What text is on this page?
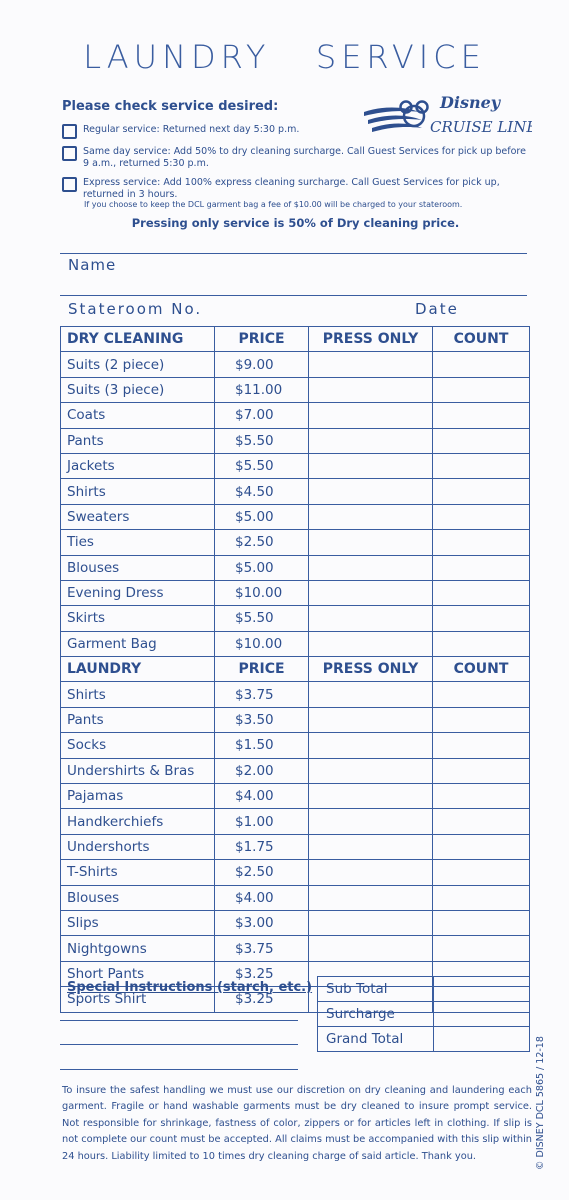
LAUNDRY   SERVICE
Please check service desired:	Disney
CRUISE LINE.
Regular service: Returned next day 5:30 p.m.
Same day service: Add 50% to dry cleaning surcharge. Call Guest Services for pick up before 9 a.m., returned 5:30 p.m.
Express service: Add 100% express cleaning surcharge. Call Guest Services for pick up, returned in 3 hours.
If you choose to keep the DCL garment bag a fee of $10.00 will be charged to your stateroom.
Pressing only service is 50% of Dry cleaning price.
Name
Stateroom No.	Date
DRY CLEANING	PRICE	PRESS ONLY	COUNT
Suits (2 piece)	$9.00		
Suits (3 piece)	$11.00		
Coats	$7.00		
Pants	$5.50		
Jackets	$5.50		
Shirts	$4.50		
Sweaters	$5.00		
Ties	$2.50		
Blouses	$5.00		
Evening Dress	$10.00		
Skirts	$5.50		
Garment Bag	$10.00		
LAUNDRY	PRICE	PRESS ONLY	COUNT
Shirts	$3.75		
Pants	$3.50		
Socks	$1.50		
Undershirts & Bras	$2.00		
Pajamas	$4.00		
Handkerchiefs	$1.00		
Undershorts	$1.75		
T-Shirts	$2.50		
Blouses	$4.00		
Slips	$3.00		
Nightgowns	$3.75		
Short Pants	$3.25		
Sports Shirt	$3.25		
Special Instructions (starch, etc.) Sub Total	
Surcharge	
Grand Total	
To insure the safest handling we must use our discretion on dry cleaning and laundering each garment. Fragile or hand washable garments must be dry cleaned to insure prompt service. Not responsible for shrinkage, fastness of color, zippers or for articles left in clothing. If slip is not complete our count must be accepted. All claims must be accompanied with this slip within 24 hours. Liability limited to 10 times dry cleaning charge of said article. Thank you.	© DISNEY DCL 5865 / 12-18
